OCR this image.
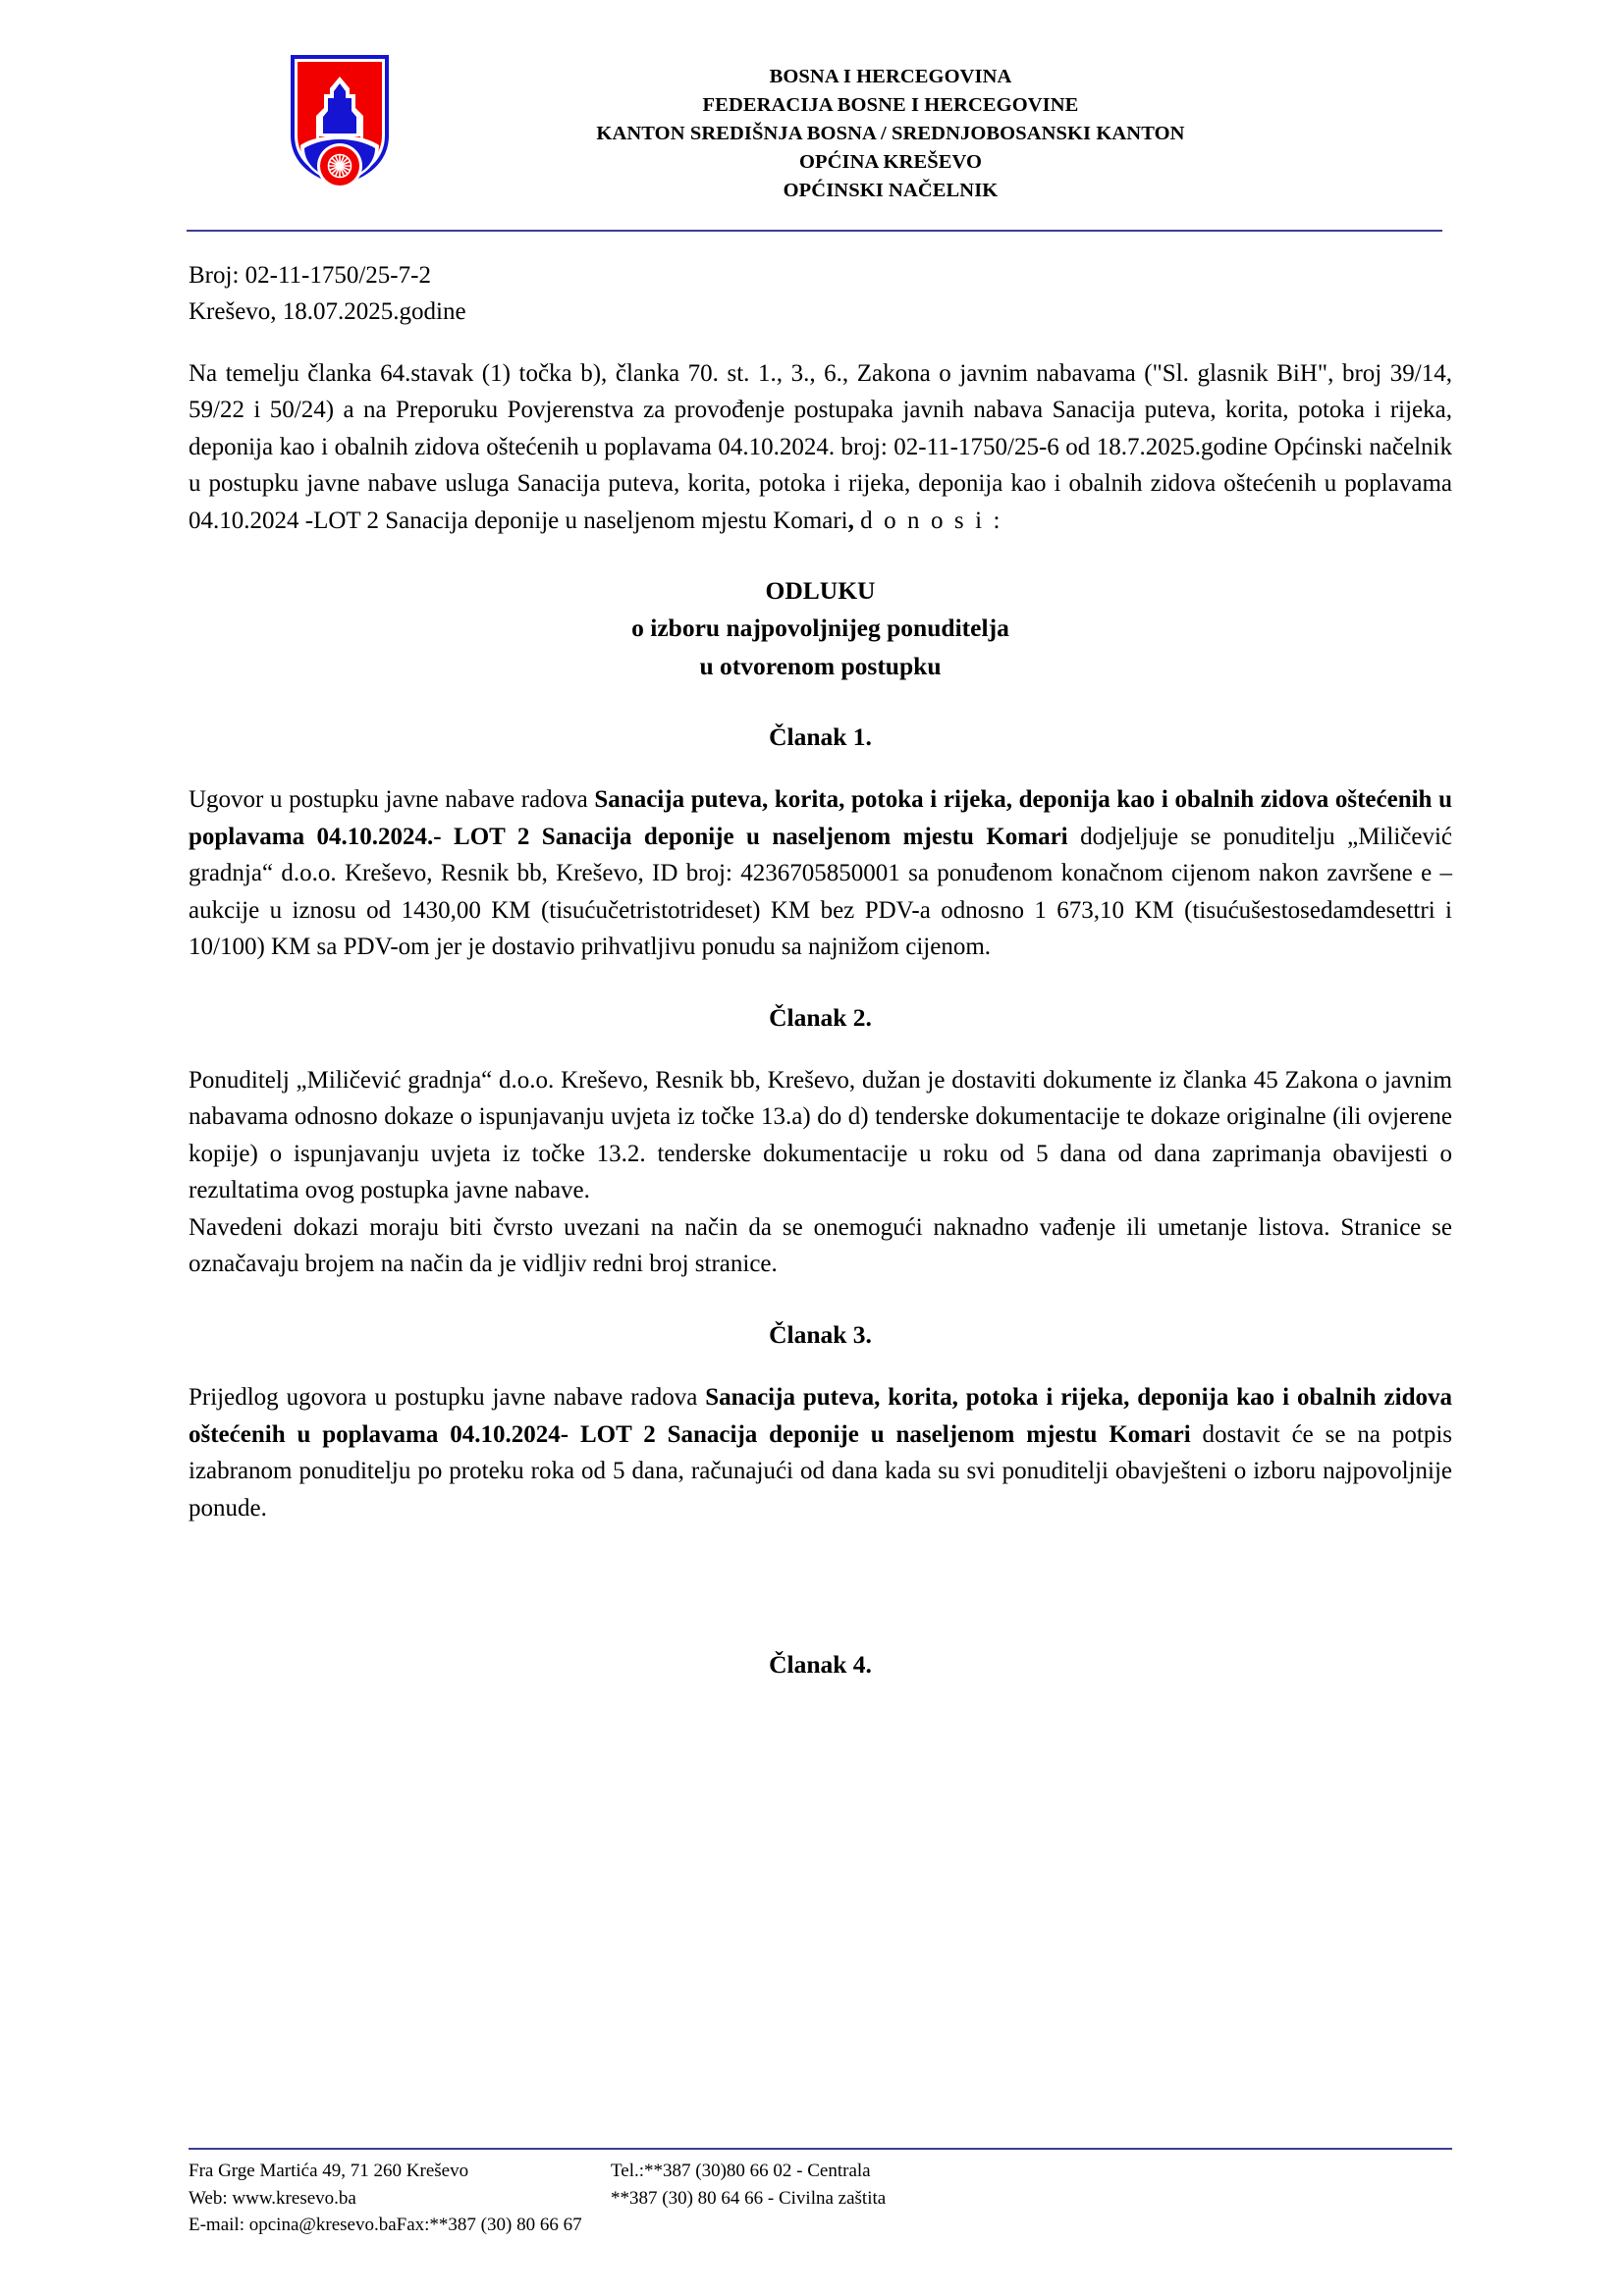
BOSNA I HERCEGOVINA
FEDERACIJA BOSNE I HERCEGOVINE
KANTON SREDIŠNJA BOSNA / SREDNJOBOSANSKI KANTON
OPĆINA KREŠEVO
OPĆINSKI NAČELNIK
Broj: 02-11-1750/25-7-2
Kreševo, 18.07.2025.godine

Na temelju članka 64.stavak (1) točka b), članka 70. st. 1., 3., 6., Zakona o javnim nabavama ("Sl. glasnik BiH", broj 39/14, 59/22 i 50/24) a na Preporuku Povjerenstva za provođenje postupaka javnih nabava Sanacija puteva, korita, potoka i rijeka, deponija kao i obalnih zidova oštećenih u poplavama 04.10.2024. broj: 02-11-1750/25-6 od 18.7.2025.godine Općinski načelnik u postupku javne nabave usluga Sanacija puteva, korita, potoka i rijeka, deponija kao i obalnih zidova oštećenih u poplavama 04.10.2024 -LOT 2 Sanacija deponije u naseljenom mjestu Komari, d o n o s i :

ODLUKU
o izboru najpovoljnijeg ponuditelja
u otvorenom postupku
Članak 1.

Ugovor u postupku javne nabave radova Sanacija puteva, korita, potoka i rijeka, deponija kao i obalnih zidova oštećenih u poplavama 04.10.2024.- LOT 2 Sanacija deponije u naseljenom mjestu Komari dodjeljuje se ponuditelju „Miličević gradnja“ d.o.o. Kreševo, Resnik bb, Kreševo, ID broj: 4236705850001 sa ponuđenom konačnom cijenom nakon završene e – aukcije u iznosu od 1430,00 KM (tisućučetristotrideset) KM bez PDV-a odnosno 1 673,10 KM (tisućušestosedamdesettri i 10/100) KM sa PDV-om jer je dostavio prihvatljivu ponudu sa najnižom cijenom.

Članak 2.

Ponuditelj „Miličević gradnja“ d.o.o. Kreševo, Resnik bb, Kreševo, dužan je dostaviti dokumente iz članka 45 Zakona o javnim nabavama odnosno dokaze o ispunjavanju uvjeta iz točke 13.a) do d) tenderske dokumentacije te dokaze originalne (ili ovjerene kopije) o ispunjavanju uvjeta iz točke 13.2. tenderske dokumentacije u roku od 5 dana od dana zaprimanja obavijesti o rezultatima ovog postupka javne nabave.

Navedeni dokazi moraju biti čvrsto uvezani na način da se onemogući naknadno vađenje ili umetanje listova. Stranice se označavaju brojem na način da je vidljiv redni broj stranice.

Članak 3.

Prijedlog ugovora u postupku javne nabave radova Sanacija puteva, korita, potoka i rijeka, deponija kao i obalnih zidova oštećenih u poplavama 04.10.2024- LOT 2 Sanacija deponije u naseljenom mjestu Komari dostavit će se na potpis izabranom ponuditelju po proteku roka od 5 dana, računajući od dana kada su svi ponuditelji obavješteni o izboru najpovoljnije ponude.

Članak 4.
Fra Grge Martića 49, 71 260 Kreševo	Tel.:**387 (30)80 66 02 - Centrala
Web: www.kresevo.ba	**387 (30) 80 64 66 - Civilna zaštita
E-mail: opcina@kresevo.baFax:**387 (30) 80 66 67
